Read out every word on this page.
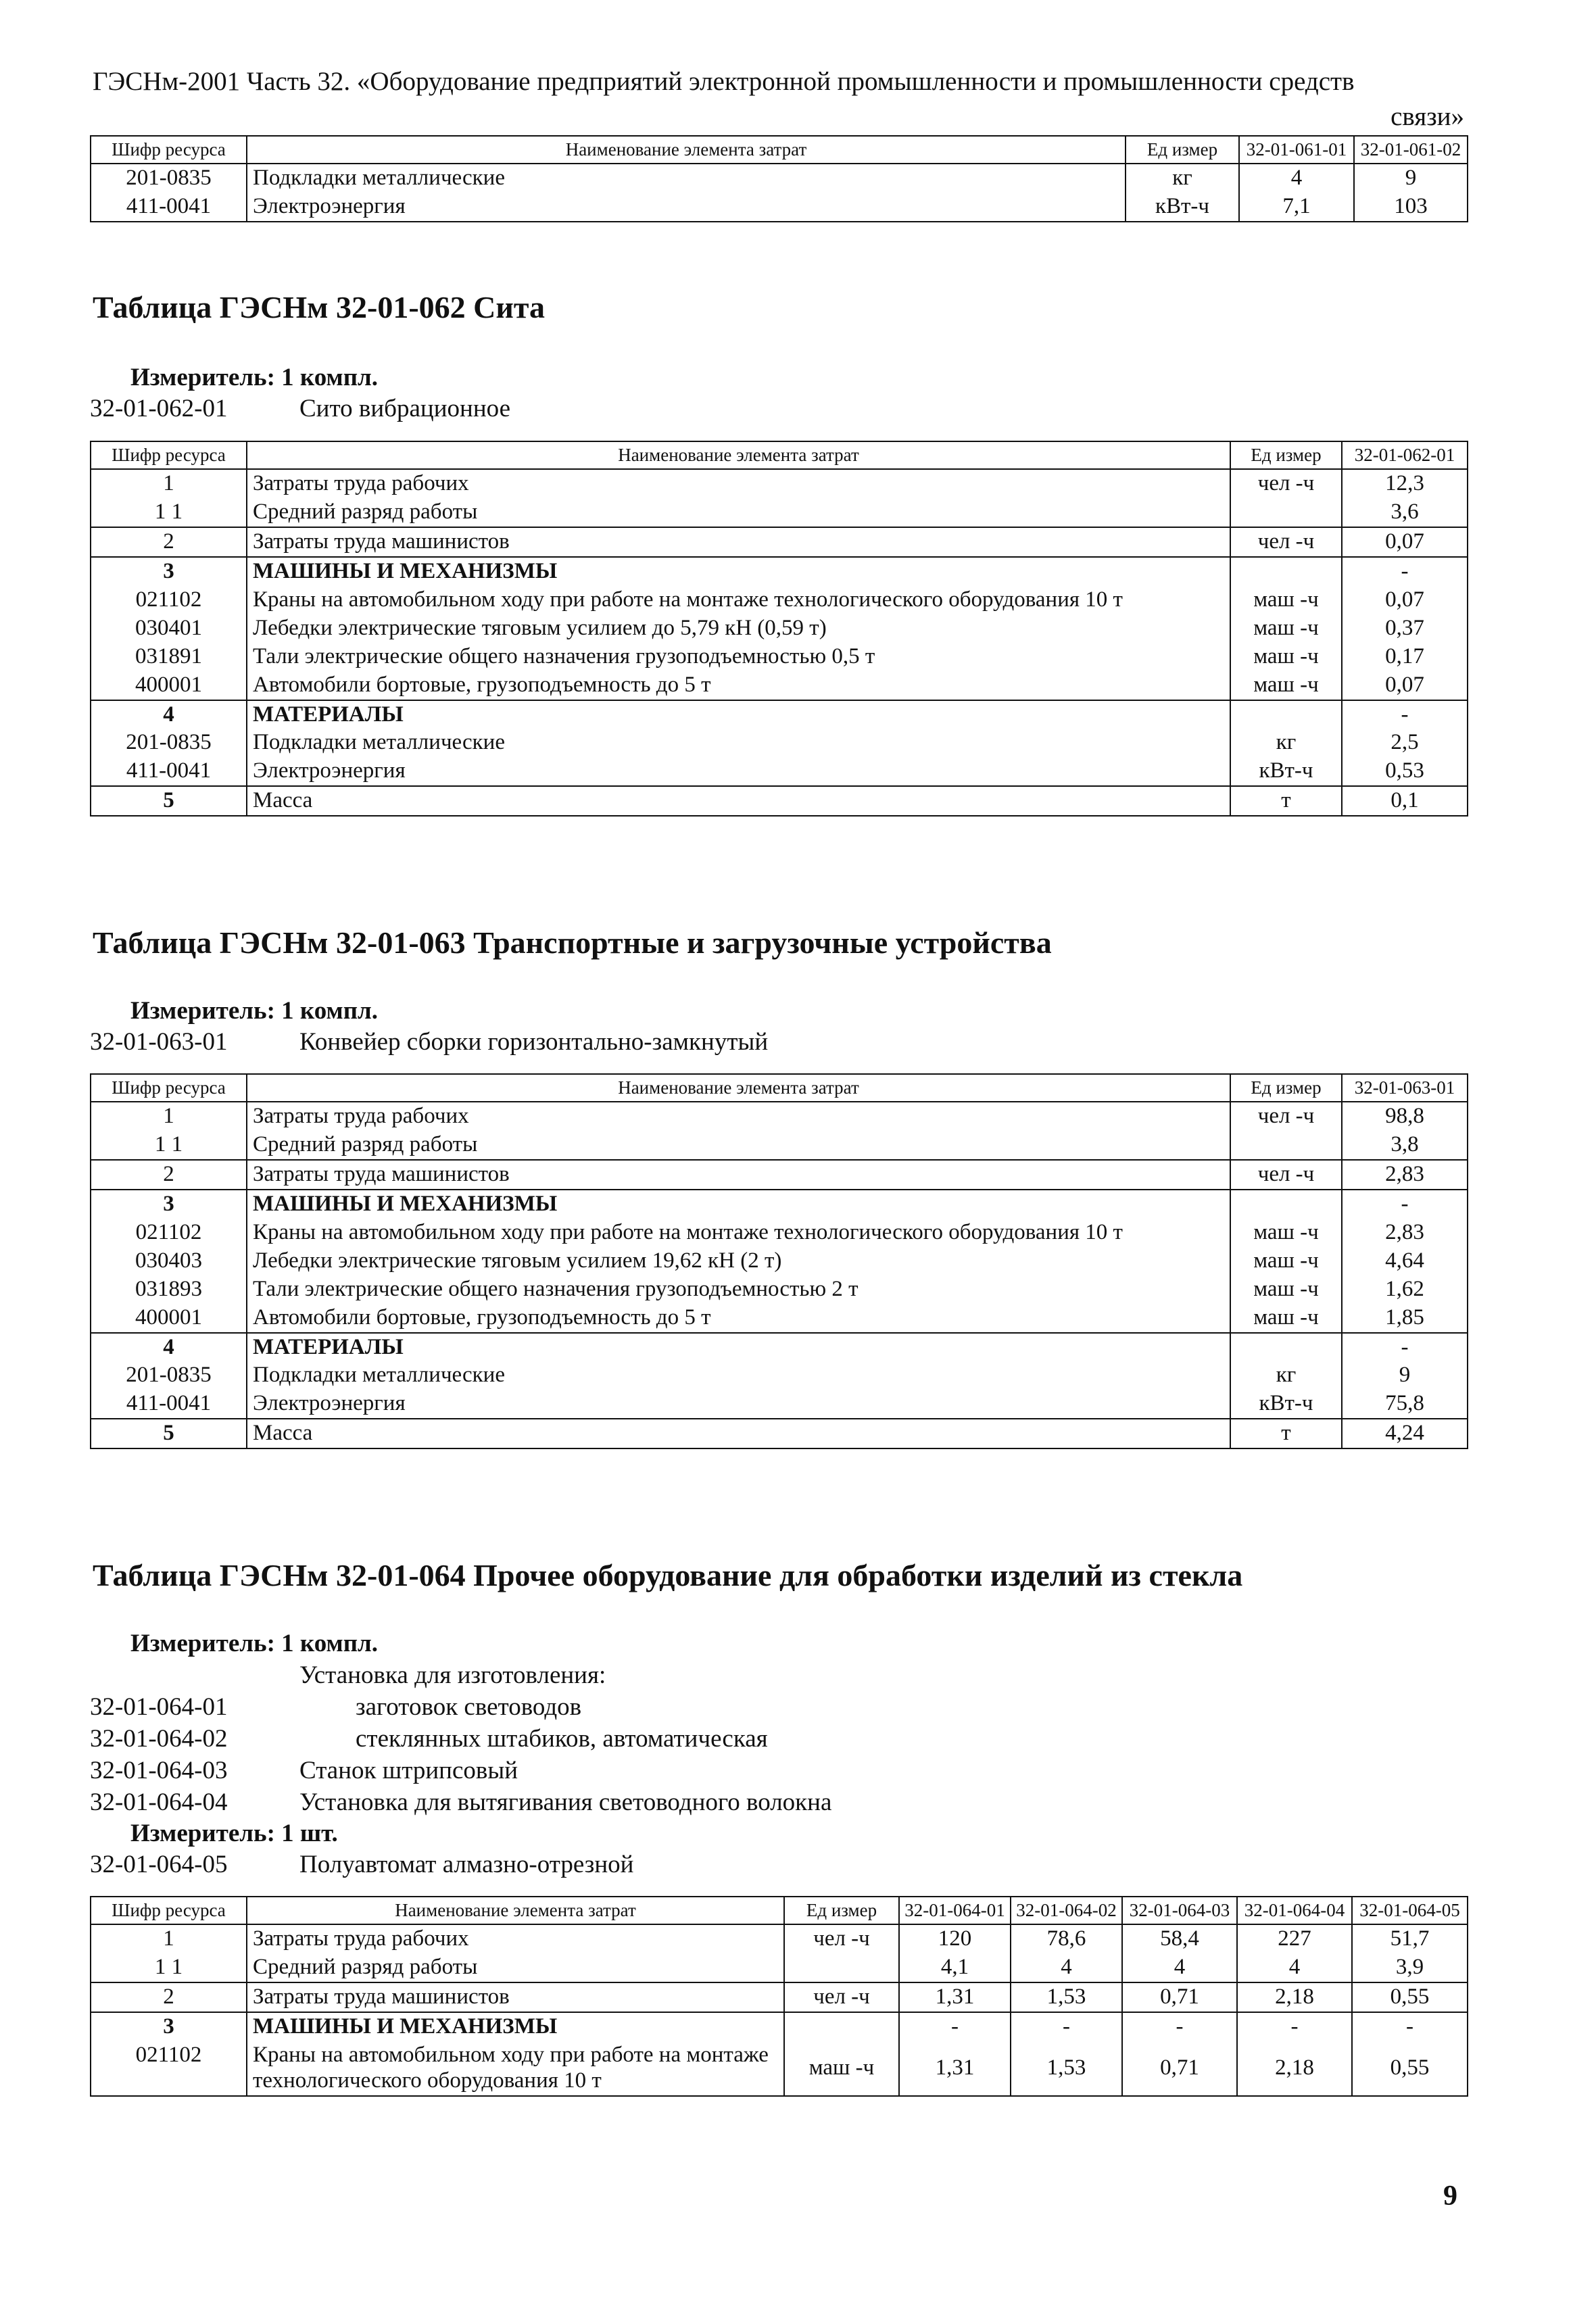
ГЭСНм-2001 Часть 32. «Оборудование предприятий электронной промышленности и промышленности средств
связи»
Шифр ресурса	Наименование элемента затрат	Ед измер	32-01-061-01	32-01-061-02
201-0835	Подкладки металлические	кг	4	9
411-0041	Электроэнергия	кВт-ч	7,1	103
Таблица ГЭСНм 32-01-062 Сита
Измеритель: 1 компл.
32-01-062-01	Сито вибрационное
Шифр ресурса	Наименование элемента затрат	Ед измер	32-01-062-01
1	Затраты труда рабочих	чел -ч	12,3
1 1	Средний разряд работы		3,6
2	Затраты труда машинистов	чел -ч	0,07
3	МАШИНЫ И МЕХАНИЗМЫ		-
021102	Краны на автомобильном ходу при работе на монтаже технологического оборудования 10 т	маш -ч	0,07
030401	Лебедки электрические тяговым усилием до 5,79 кН (0,59 т)	маш -ч	0,37
031891	Тали электрические общего назначения грузоподъемностью 0,5 т	маш -ч	0,17
400001	Автомобили бортовые, грузоподъемность до 5 т	маш -ч	0,07
4	МАТЕРИАЛЫ		-
201-0835	Подкладки металлические	кг	2,5
411-0041	Электроэнергия	кВт-ч	0,53
5	Масса	т	0,1
Таблица ГЭСНм 32-01-063 Транспортные и загрузочные устройства
Измеритель: 1 компл.
32-01-063-01	Конвейер сборки горизонтально-замкнутый
Шифр ресурса	Наименование элемента затрат	Ед измер	32-01-063-01
1	Затраты труда рабочих	чел -ч	98,8
1 1	Средний разряд работы		3,8
2	Затраты труда машинистов	чел -ч	2,83
3	МАШИНЫ И МЕХАНИЗМЫ		-
021102	Краны на автомобильном ходу при работе на монтаже технологического оборудования 10 т	маш -ч	2,83
030403	Лебедки электрические тяговым усилием 19,62 кН (2 т)	маш -ч	4,64
031893	Тали электрические общего назначения грузоподъемностью 2 т	маш -ч	1,62
400001	Автомобили бортовые, грузоподъемность до 5 т	маш -ч	1,85
4	МАТЕРИАЛЫ		-
201-0835	Подкладки металлические	кг	9
411-0041	Электроэнергия	кВт-ч	75,8
5	Масса	т	4,24
Таблица ГЭСНм 32-01-064 Прочее оборудование для обработки изделий из стекла
Измеритель: 1 компл.
Установка для изготовления:
32-01-064-01	заготовок световодов
32-01-064-02	стеклянных штабиков, автоматическая
32-01-064-03	Станок штрипсовый
32-01-064-04	Установка для вытягивания световодного волокна
Измеритель: 1 шт.
32-01-064-05	Полуавтомат алмазно-отрезной
Шифр ресурса	Наименование элемента затрат	Ед измер	32-01-064-01	32-01-064-02	32-01-064-03	32-01-064-04	32-01-064-05
1	Затраты труда рабочих	чел -ч	120	78,6	58,4	227	51,7
1 1	Средний разряд работы		4,1	4	4	4	3,9
2	Затраты труда машинистов	чел -ч	1,31	1,53	0,71	2,18	0,55
3	МАШИНЫ И МЕХАНИЗМЫ		-	-	-	-	-
021102	Краны на автомобильном ходу при работе на монтаже технологического оборудования 10 т	маш -ч	1,31	1,53	0,71	2,18	0,55
9
